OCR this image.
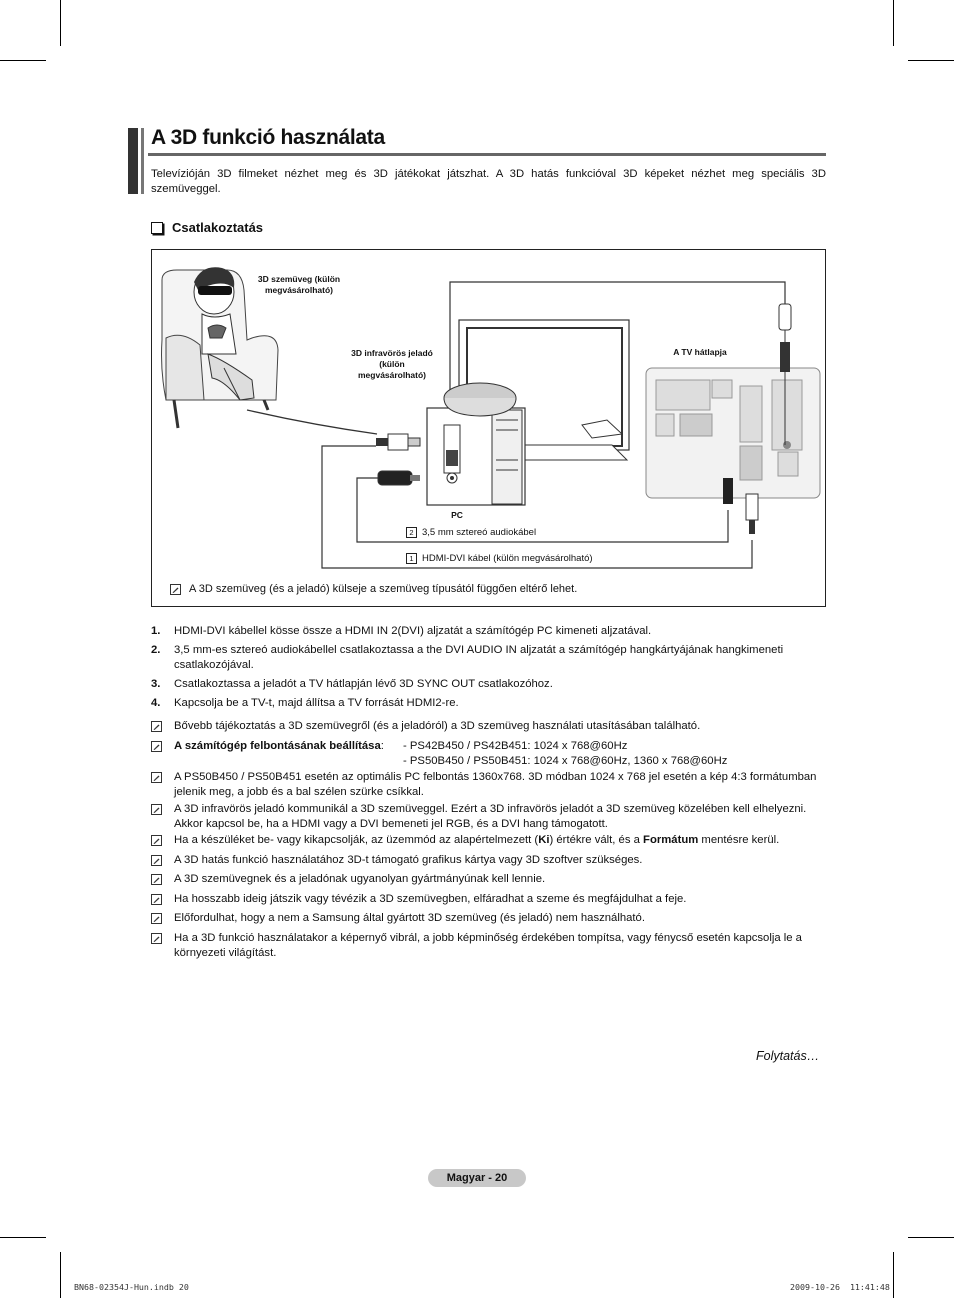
A 3D funkció használata
Televízióján 3D filmeket nézhet meg és 3D játékokat játszhat. A 3D hatás funkcióval 3D képeket nézhet meg speciális 3D szemüveggel.
Csatlakoztatás
3D szemüveg (külön megvásárolható)
3D infravörös jeladó (külön megvásárolható)
A TV hátlapja
PC
2 3,5 mm sztereó audiokábel
1 HDMI-DVI kábel (külön megvásárolható)
A 3D szemüveg (és a jeladó) külseje a szemüveg típusától függően eltérő lehet.
1.	HDMI-DVI kábellel kösse össze a HDMI IN 2(DVI) aljzatát a számítógép PC kimeneti aljzatával.
2.	3,5 mm-es sztereó audiokábellel csatlakoztassa a the DVI AUDIO IN aljzatát a számítógép hangkártyájának hangkimeneti csatlakozójával.
3.	Csatlakoztassa a jeladót a TV hátlapján lévő 3D SYNC OUT csatlakozóhoz.
4.	Kapcsolja be a TV-t, majd állítsa a TV forrását HDMI2-re.
Bővebb tájékoztatás a 3D szemüvegről (és a jeladóról) a 3D szemüveg használati utasításában található.
A számítógép felbontásának beállítása:	- PS42B450 / PS42B451: 1024 x 768@60Hz
- PS50B450 / PS50B451: 1024 x 768@60Hz, 1360 x 768@60Hz
A PS50B450 / PS50B451 esetén az optimális PC felbontás 1360x768. 3D módban 1024 x 768 jel esetén a kép 4:3 formátumban jelenik meg, a jobb és a bal szélen szürke csíkkal.
A 3D infravörös jeladó kommunikál a 3D szemüveggel. Ezért a 3D infravörös jeladót a 3D szemüveg közelében kell elhelyezni. Akkor kapcsol be, ha a HDMI vagy a DVI bemeneti jel RGB, és a DVI hang támogatott.
Ha a készüléket be- vagy kikapcsolják, az üzemmód az alapértelmezett (Ki) értékre vált, és a Formátum mentésre kerül.
A 3D hatás funkció használatához 3D-t támogató grafikus kártya vagy 3D szoftver szükséges.
A 3D szemüvegnek és a jeladónak ugyanolyan gyártmányúnak kell lennie.
Ha hosszabb ideig játszik vagy tévézik a 3D szemüvegben, elfáradhat a szeme és megfájdulhat a feje.
Előfordulhat, hogy a nem a Samsung által gyártott 3D szemüveg (és jeladó) nem használható.
Ha a 3D funkció használatakor a képernyő vibrál, a jobb képminőség érdekében tompítsa, vagy fénycső esetén kapcsolja le a környezeti világítást.
Folytatás…
Magyar - 20
BN68-02354J-Hun.indb 20	2009-10-26 ￼11:41:48
